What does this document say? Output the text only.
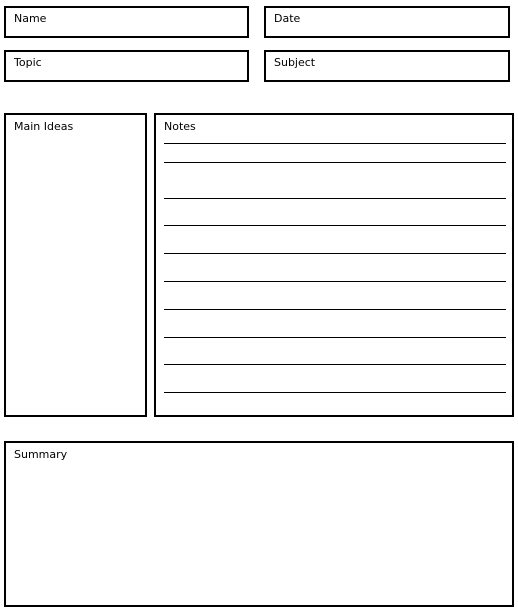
Name	Date
Topic	Subject
Main Ideas	Notes
Summary
